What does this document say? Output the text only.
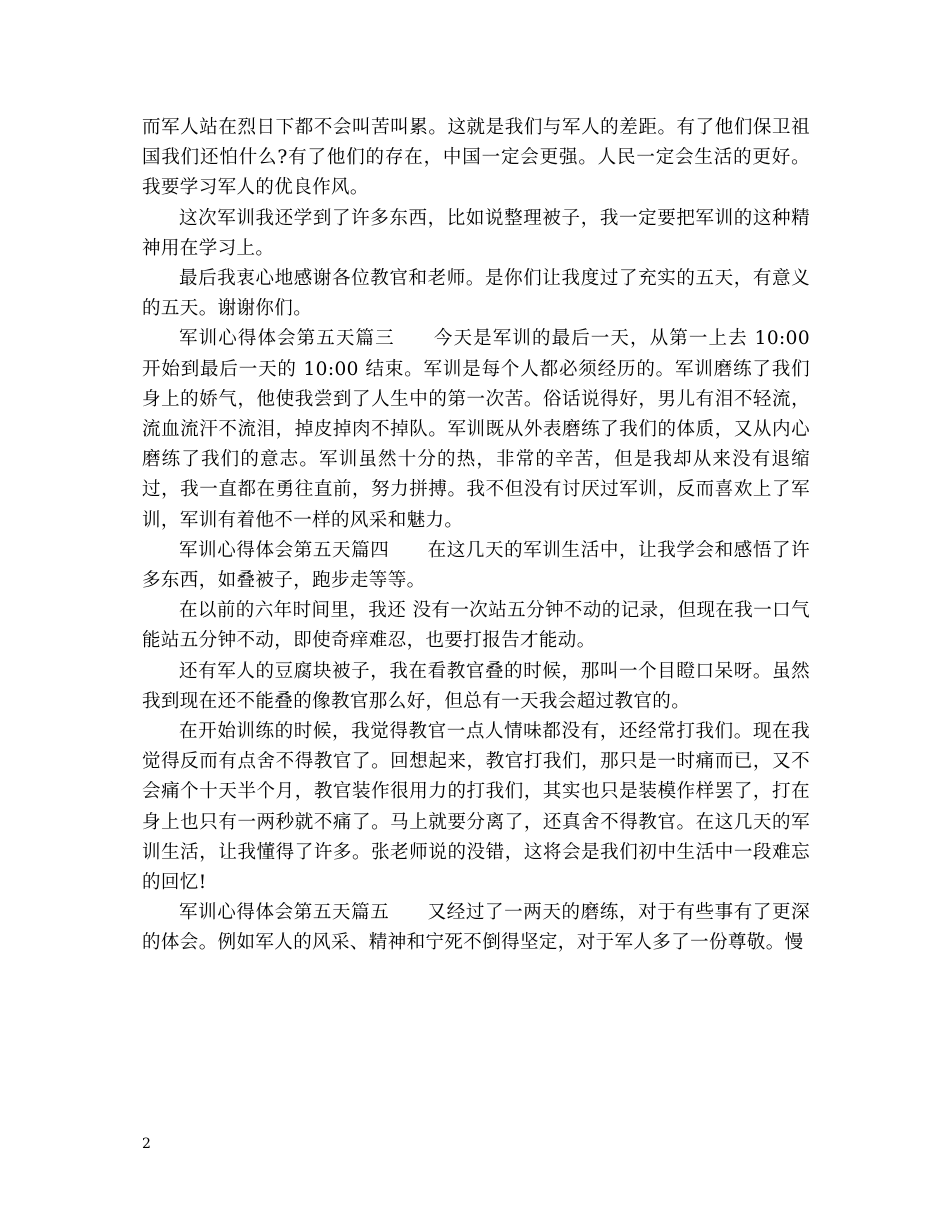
而军人站在烈日下都不会叫苦叫累。这就是我们与军人的差距。有了他们保卫祖国我们还怕什么?有了他们的存在，中国一定会更强。人民一定会生活的更好。我要学习军人的优良作风。

这次军训我还学到了许多东西，比如说整理被子，我一定要把军训的这种精神用在学习上。

最后我衷心地感谢各位教官和老师。是你们让我度过了充实的五天，有意义的五天。谢谢你们。

军训心得体会第五天篇三　　今天是军训的最后一天，从第一上去 10:00 开始到最后一天的 10:00 结束。军训是每个人都必须经历的。军训磨练了我们身上的娇气，他使我尝到了人生中的第一次苦。俗话说得好，男儿有泪不轻流，流血流汗不流泪，掉皮掉肉不掉队。军训既从外表磨练了我们的体质，又从内心磨练了我们的意志。军训虽然十分的热，非常的辛苦，但是我却从来没有退缩过，我一直都在勇往直前，努力拼搏。我不但没有讨厌过军训，反而喜欢上了军训，军训有着他不一样的风采和魅力。

军训心得体会第五天篇四　　在这几天的军训生活中，让我学会和感悟了许多东西，如叠被子，跑步走等等。

在以前的六年时间里，我还 没有一次站五分钟不动的记录，但现在我一口气能站五分钟不动，即使奇痒难忍，也要打报告才能动。

还有军人的豆腐块被子，我在看教官叠的时候，那叫一个目瞪口呆呀。虽然我到现在还不能叠的像教官那么好，但总有一天我会超过教官的。

在开始训练的时候，我觉得教官一点人情味都没有，还经常打我们。现在我觉得反而有点舍不得教官了。回想起来，教官打我们，那只是一时痛而已，又不会痛个十天半个月，教官装作很用力的打我们，其实也只是装模作样罢了，打在身上也只有一两秒就不痛了。马上就要分离了，还真舍不得教官。在这几天的军训生活，让我懂得了许多。张老师说的没错，这将会是我们初中生活中一段难忘的回忆!

军训心得体会第五天篇五　　又经过了一两天的磨练，对于有些事有了更深的体会。例如军人的风采、精神和宁死不倒得坚定，对于军人多了一份尊敬。慢

2
